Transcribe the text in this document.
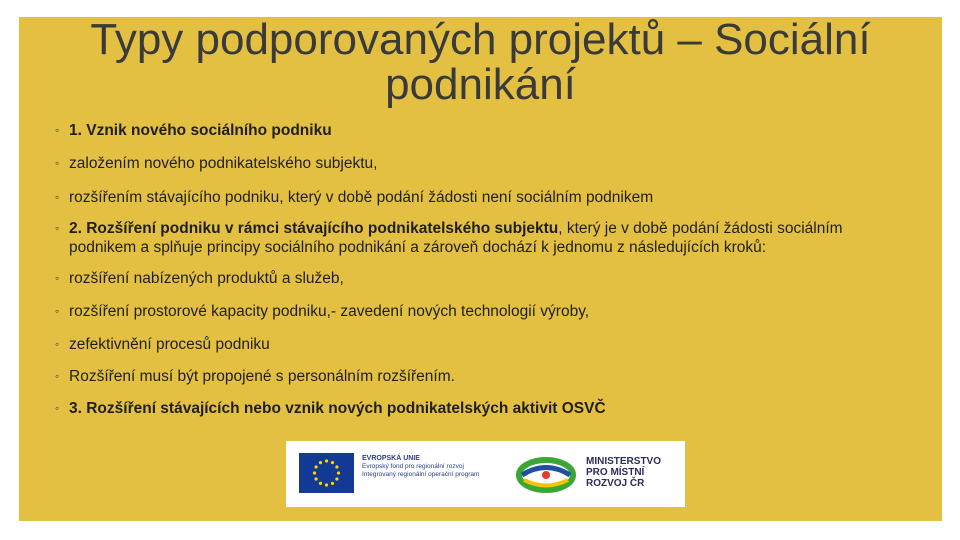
Typy podporovaných projektů – Sociální
podnikání
◦ 1. Vznik nového sociálního podniku
◦ založením nového podnikatelského subjektu,
◦ rozšířením stávajícího podniku, který v době podání žádosti není sociálním podnikem
◦ 2. Rozšíření podniku v rámci stávajícího podnikatelského subjektu, který je v době podání žádosti sociálním podnikem a splňuje principy sociálního podnikání a zároveň dochází k jednomu z následujících kroků:
◦ rozšíření nabízených produktů a služeb,
◦ rozšíření prostorové kapacity podniku,- zavedení nových technologií výroby,
◦ zefektivnění procesů podniku
◦ Rozšíření musí být propojené s personálním rozšířením.
◦ 3. Rozšíření stávajících nebo vznik nových podnikatelských aktivit OSVČ
EVROPSKÁ UNIE
Evropský fond pro regionální rozvoj
Integrovaný regionální operační program
MINISTERSTVO
PRO MÍSTNÍ
ROZVOJ ČR
